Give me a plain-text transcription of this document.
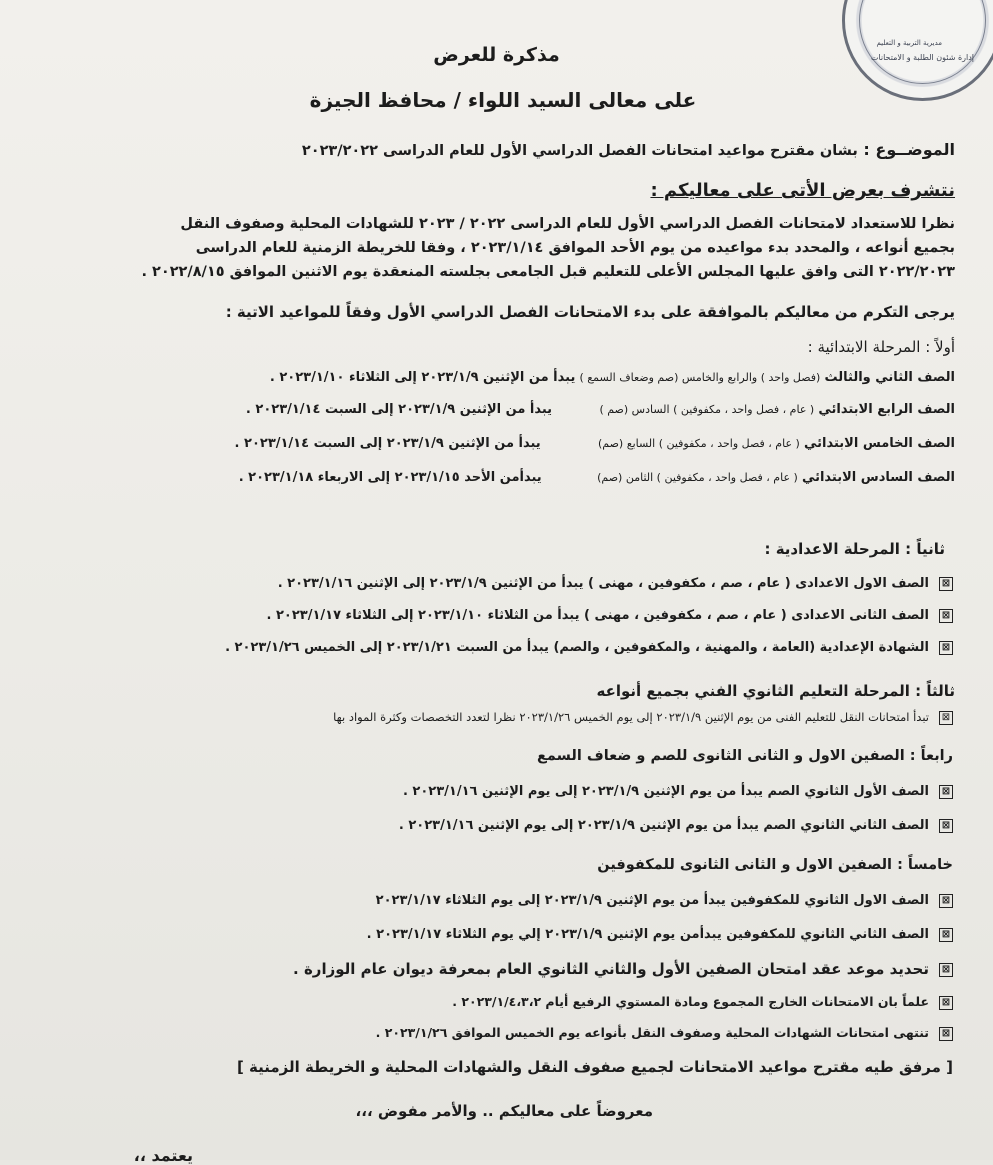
إدارة شئون الطلبة و الامتحانات
مديرية التربية و التعليم
مذكرة للعرض
على معالى السيد اللواء / محافظ الجيزة
الموضــوع : بشان مقترح مواعيد امتحانات الفصل الدراسي الأول للعام الدراسى ٢٠٢٣/٢٠٢٢
نتشرف بعرض الأتى على معاليكم :
نظرا للاستعداد لامتحانات الفصل الدراسي الأول للعام الدراسى ٢٠٢٢ / ٢٠٢٣ للشهادات المحلية وصفوف النقل
بجميع أنواعه ، والمحدد بدء مواعيده من يوم الأحد الموافق ٢٠٢٣/١/١٤ ، وفقا للخريطة الزمنية للعام الدراسى
٢٠٢٢/٢٠٢٣ التى وافق عليها المجلس الأعلى للتعليم قبل الجامعى بجلسته المنعقدة يوم الاثنين الموافق ٢٠٢٢/٨/١٥ .
يرجى التكرم من معاليكم بالموافقة على بدء الامتحانات الفصل الدراسي الأول وفقاً للمواعيد الاتية :
أولاً : المرحلة الابتدائية :
الصف الثاني والثالث (فصل واحد ) والرابع والخامس (صم وضعاف السمع ) يبدأ من الإثنين ٢٠٢٣/١/٩ إلى الثلاثاء ٢٠٢٣/١/١٠ .
الصف الرابع الابتدائي ( عام ، فصل واحد ، مكفوفين ) السادس (صم ) يبدأ من الإثنين ٢٠٢٣/١/٩ إلى السبت ٢٠٢٣/١/١٤ .
الصف الخامس الابتدائي ( عام ، فصل واحد ، مكفوفين ) السابع (صم) يبدأ من الإثنين ٢٠٢٣/١/٩ إلى السبت ٢٠٢٣/١/١٤ .
الصف السادس الابتدائي ( عام ، فصل واحد ، مكفوفين ) الثامن (صم) يبدأمن الأحد ٢٠٢٣/١/١٥ إلى الاربعاء ٢٠٢٣/١/١٨ .
ثانياً : المرحلة الاعدادية :
⊠الصف الاول الاعدادى ( عام ، صم ، مكفوفين ، مهنى ) يبدأ من الإثنين ٢٠٢٣/١/٩ إلى الإثنين ٢٠٢٣/١/١٦ .
⊠الصف الثانى الاعدادى ( عام ، صم ، مكفوفين ، مهنى ) يبدأ من الثلاثاء ٢٠٢٣/١/١٠ إلى الثلاثاء ٢٠٢٣/١/١٧ .
⊠الشهادة الإعدادية (العامة ، والمهنية ، والمكفوفين ، والصم) يبدأ من السبت ٢٠٢٣/١/٢١ إلى الخميس ٢٠٢٣/١/٢٦ .
ثالثاً : المرحلة التعليم الثانوي الفني بجميع أنواعه
⊠تبدأ امتحانات النقل للتعليم الفنى من يوم الإثنين ٢٠٢٣/١/٩ إلى يوم الخميس ٢٠٢٣/١/٢٦ نظرا لتعدد التخصصات وكثرة المواد بها
رابعاً : الصفين الاول و الثانى الثانوى للصم و ضعاف السمع
⊠الصف الأول الثانوي الصم يبدأ من يوم الإثنين ٢٠٢٣/١/٩ إلى يوم الإثنين ٢٠٢٣/١/١٦ .
⊠الصف الثاني الثانوي الصم يبدأ من يوم الإثنين ٢٠٢٣/١/٩ إلى يوم الإثنين ٢٠٢٣/١/١٦ .
خامساً : الصفين الاول و الثانى الثانوى للمكفوفين
⊠الصف الاول الثانوي للمكفوفين يبدأ من يوم الإثنين ٢٠٢٣/١/٩ إلى يوم الثلاثاء ٢٠٢٣/١/١٧
⊠الصف الثاني الثانوي للمكفوفين يبدأمن يوم الإثنين ٢٠٢٣/١/٩ إلي يوم الثلاثاء ٢٠٢٣/١/١٧ .
⊠تحديد موعد عقد امتحان الصفين الأول والثاني الثانوي العام بمعرفة ديوان عام الوزارة .
⊠علماً بان الامتحانات الخارج المجموع ومادة المستوي الرفيع أيام ٢٠٢٣/١/٤،٣،٢ .
⊠تنتهى امتحانات الشهادات المحلية وصفوف النقل بأنواعه يوم الخميس الموافق ٢٠٢٣/١/٢٦ .
[ مرفق طيه مقترح مواعيد الامتحانات لجميع صفوف النقل والشهادات المحلية و الخريطة الزمنية ]
معروضاً على معاليكم .. والأمر مفوض ،،،
يعتمد ،،
